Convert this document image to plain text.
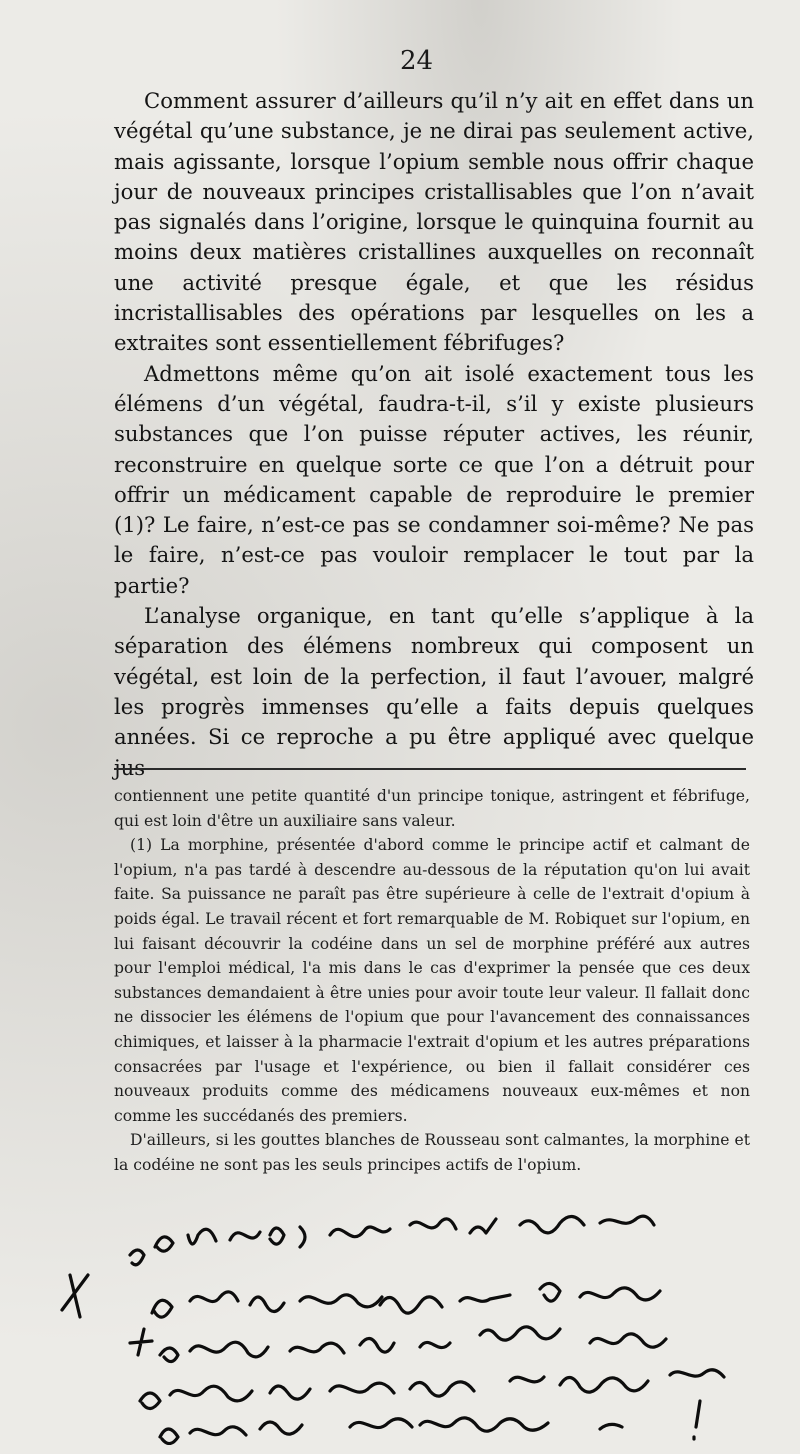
24

Comment assurer d’ailleurs qu’il n’y ait en effet dans un végétal qu’une substance, je ne dirai pas seulement active, mais agissante, lorsque l’opium semble nous offrir chaque jour de nouveaux principes cristallisables que l’on n’avait pas signalés dans l’origine, lorsque le quinquina fournit au moins deux matières cristallines auxquelles on reconnaît une activité presque égale, et que les résidus incristallisables des opérations par lesquelles on les a extraites sont essentiellement fébrifuges?

Admettons même qu’on ait isolé exactement tous les élémens d’un végétal, faudra-t-il, s’il y existe plusieurs substances que l’on puisse réputer actives, les réunir, reconstruire en quelque sorte ce que l’on a détruit pour offrir un médicament capable de reproduire le premier (1)? Le faire, n’est-ce pas se condamner soi-même? Ne pas le faire, n’est-ce pas vouloir remplacer le tout par la partie?

L’analyse organique, en tant qu’elle s’applique à la séparation des élémens nombreux qui composent un végétal, est loin de la perfection, il faut l’avouer, malgré les progrès immenses qu’elle a faits depuis quelques années. Si ce reproche a pu être appliqué avec quelque jus-

contiennent une petite quantité d'un principe tonique, astringent et fébrifuge, qui est loin d'être un auxiliaire sans valeur.

(1) La morphine, présentée d'abord comme le principe actif et calmant de l'opium, n'a pas tardé à descendre au-dessous de la réputation qu'on lui avait faite. Sa puissance ne paraît pas être supérieure à celle de l'extrait d'opium à poids égal. Le travail récent et fort remarquable de M. Robiquet sur l'opium, en lui faisant découvrir la codéine dans un sel de morphine préféré aux autres pour l'emploi médical, l'a mis dans le cas d'exprimer la pensée que ces deux substances demandaient à être unies pour avoir toute leur valeur. Il fallait donc ne dissocier les élémens de l'opium que pour l'avancement des connaissances chimiques, et laisser à la pharmacie l'extrait d'opium et les autres préparations consacrées par l'usage et l'expérience, ou bien il fallait considérer ces nouveaux produits comme des médicamens nouveaux eux-mêmes et non comme les succédanés des premiers.

D'ailleurs, si les gouttes blanches de Rousseau sont calmantes, la morphine et la codéine ne sont pas les seuls principes actifs de l'opium.
